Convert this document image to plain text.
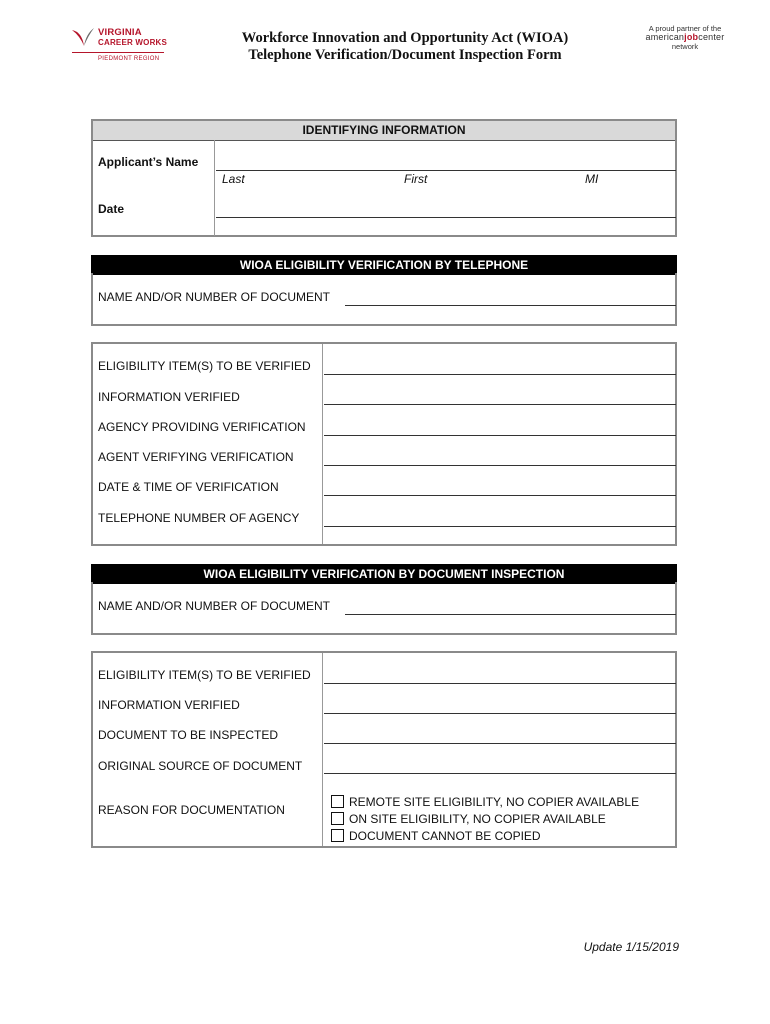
VIRGINIA
CAREER WORKS
PIEDMONT REGION
Workforce Innovation and Opportunity Act (WIOA)
Telephone Verification/Document Inspection Form
A proud partner of the
americanjobcenter
network
IDENTIFYING INFORMATION
Applicant’s Name
Last	First	MI
Date
WIOA ELIGIBILITY VERIFICATION BY TELEPHONE
NAME AND/OR NUMBER OF DOCUMENT
ELIGIBILITY ITEM(S) TO BE VERIFIED
INFORMATION VERIFIED
AGENCY PROVIDING VERIFICATION
AGENT VERIFYING VERIFICATION
DATE & TIME OF VERIFICATION
TELEPHONE NUMBER OF AGENCY
WIOA ELIGIBILITY VERIFICATION BY DOCUMENT INSPECTION
NAME AND/OR NUMBER OF DOCUMENT
ELIGIBILITY ITEM(S) TO BE VERIFIED
INFORMATION VERIFIED
DOCUMENT TO BE INSPECTED
ORIGINAL SOURCE OF DOCUMENT
REASON FOR DOCUMENTATION
REMOTE SITE ELIGIBILITY, NO COPIER AVAILABLE
ON SITE ELIGIBILITY, NO COPIER AVAILABLE
DOCUMENT CANNOT BE COPIED
Update 1/15/2019
